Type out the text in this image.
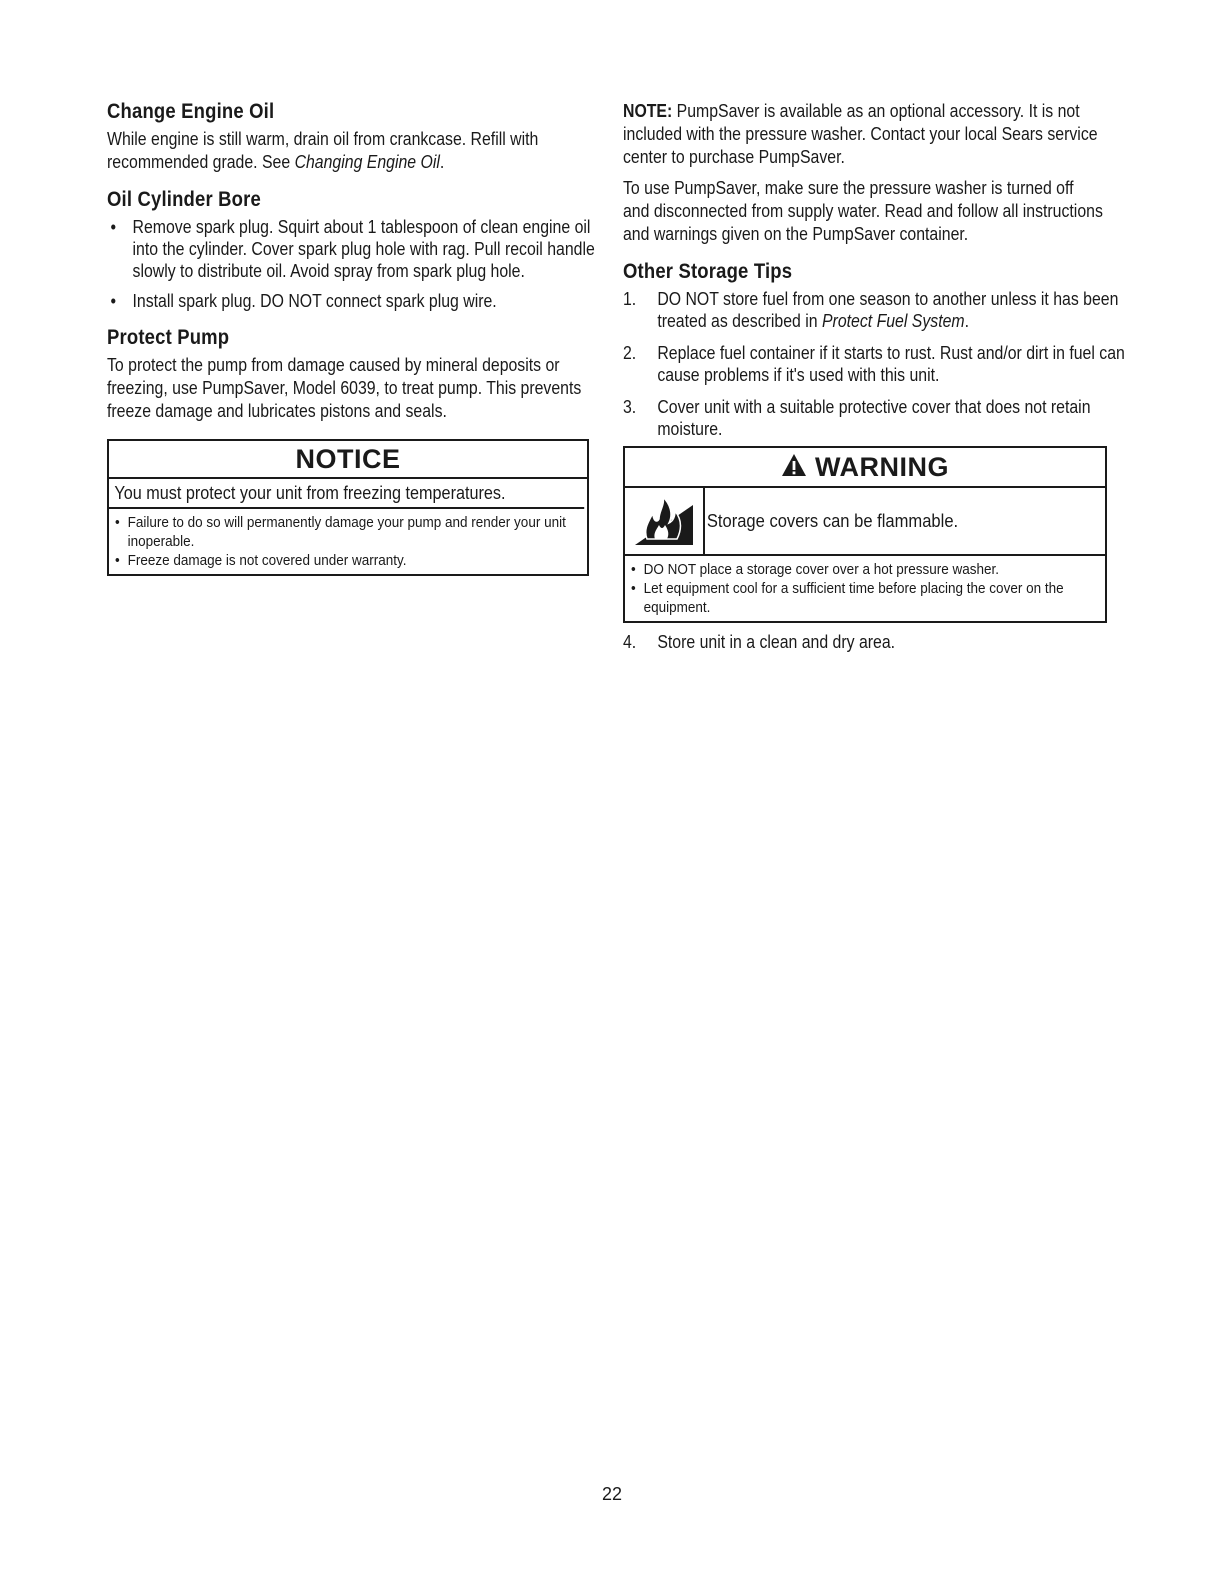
Change Engine Oil

While engine is still warm, drain oil from crankcase. Refill with recommended grade. See Changing Engine Oil.

Oil Cylinder Bore
• Remove spark plug. Squirt about 1 tablespoon of clean engine oil into the cylinder. Cover spark plug hole with rag. Pull recoil handle slowly to distribute oil. Avoid spray from spark plug hole.
• Install spark plug. DO NOT connect spark plug wire.
Protect Pump

To protect the pump from damage caused by mineral deposits or freezing, use PumpSaver, Model 6039, to treat pump. This prevents freeze damage and lubricates pistons and seals.

NOTICE
You must protect your unit from freezing temperatures.
• Failure to do so will permanently damage your pump and render your unit inoperable.
• Freeze damage is not covered under warranty.

NOTE: PumpSaver is available as an optional accessory. It is not included with the pressure washer. Contact your local Sears service center to purchase PumpSaver.

To use PumpSaver, make sure the pressure washer is turned off and disconnected from supply water. Read and follow all instructions and warnings given on the PumpSaver container.

Other Storage Tips
1. DO NOT store fuel from one season to another unless it has been treated as described in Protect Fuel System.
2. Replace fuel container if it starts to rust. Rust and/or dirt in fuel can cause problems if it's used with this unit.
3. Cover unit with a suitable protective cover that does not retain moisture.
WARNING
Storage covers can be flammable.
• DO NOT place a storage cover over a hot pressure washer.
• Let equipment cool for a sufficient time before placing the cover on the equipment.
4. Store unit in a clean and dry area.
22
